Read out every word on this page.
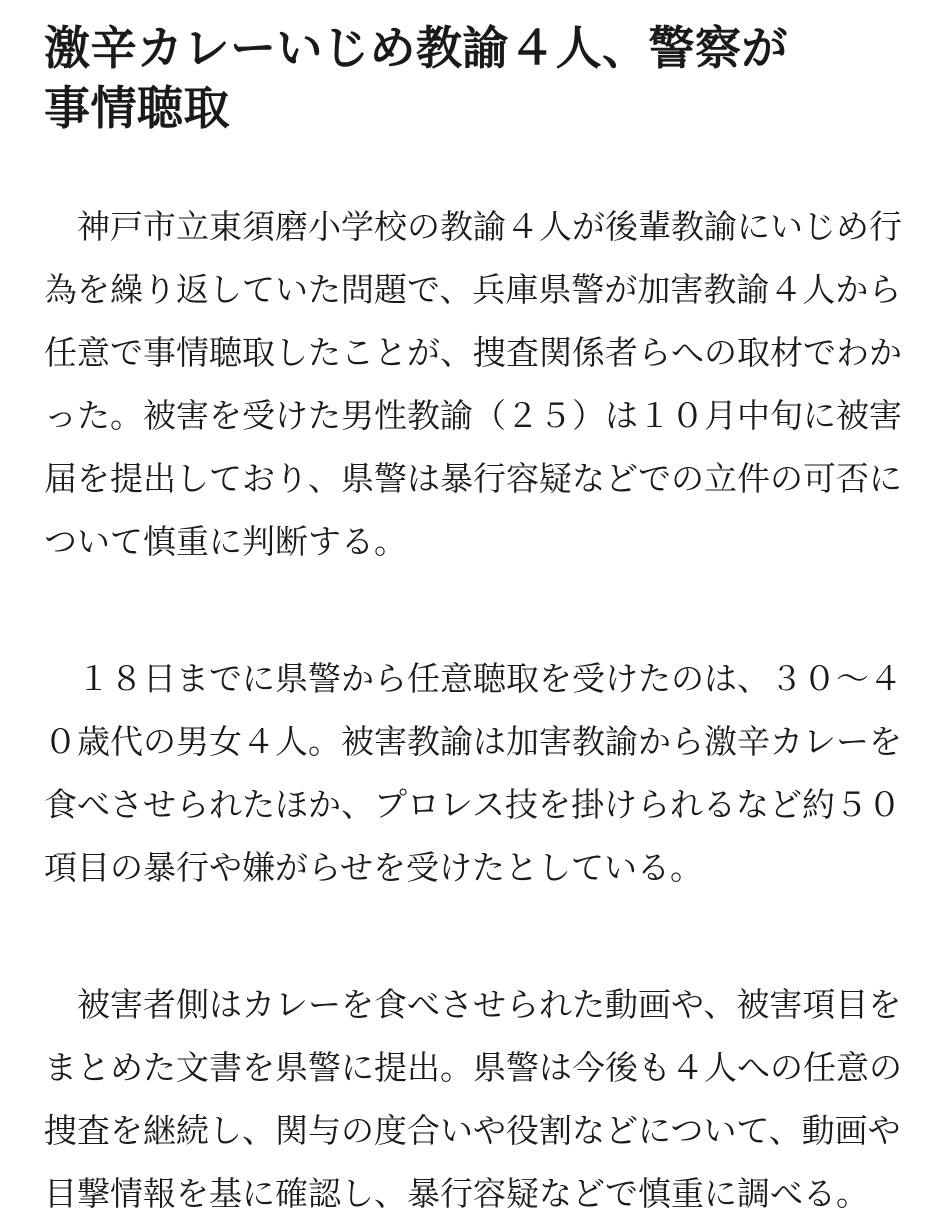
激辛カレーいじめ教諭４人、警察が
事情聴取

　神戸市立東須磨小学校の教諭４人が後輩教諭にいじめ行
為を繰り返していた問題で、兵庫県警が加害教諭４人から
任意で事情聴取したことが、捜査関係者らへの取材でわか
った。被害を受けた男性教諭（２５）は１０月中旬に被害
届を提出しており、県警は暴行容疑などでの立件の可否に
ついて慎重に判断する。

　１８日までに県警から任意聴取を受けたのは、３０～４
０歳代の男女４人。被害教諭は加害教諭から激辛カレーを
食べさせられたほか、プロレス技を掛けられるなど約５０
項目の暴行や嫌がらせを受けたとしている。

　被害者側はカレーを食べさせられた動画や、被害項目を
まとめた文書を県警に提出。県警は今後も４人への任意の
捜査を継続し、関与の度合いや役割などについて、動画や
目撃情報を基に確認し、暴行容疑などで慎重に調べる。
